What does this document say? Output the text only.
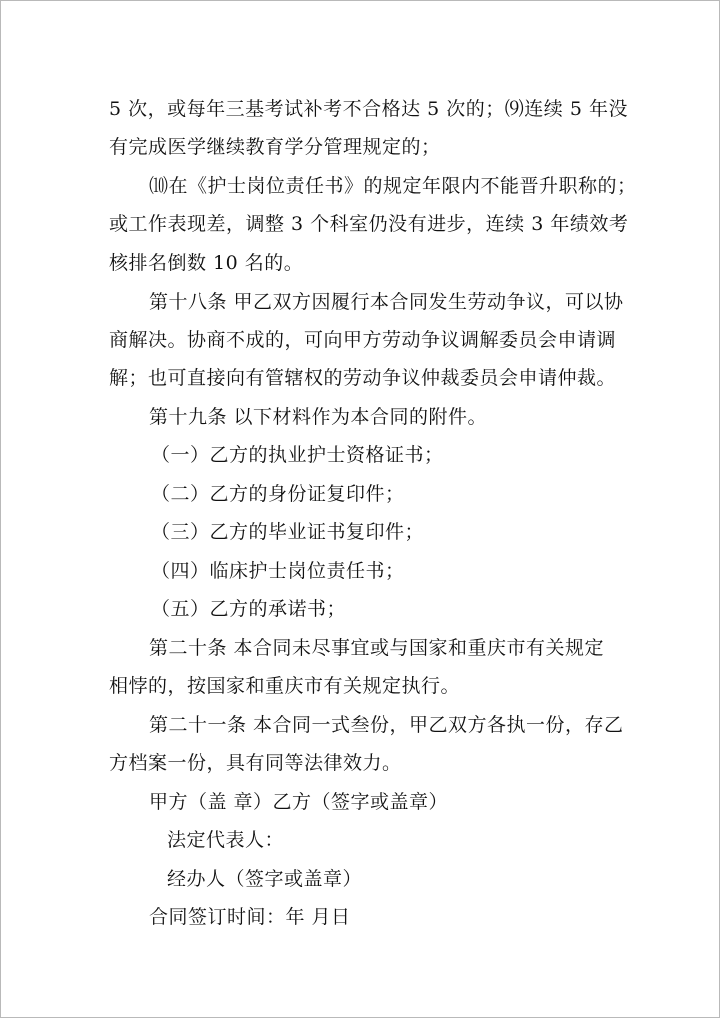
5 次，或每年三基考试补考不合格达 5 次的；⑼连续 5 年没
有完成医学继续教育学分管理规定的；
⑽在《护士岗位责任书》的规定年限内不能晋升职称的；
或工作表现差，调整 3 个科室仍没有进步，连续 3 年绩效考
核排名倒数 10 名的。
第十八条 甲乙双方因履行本合同发生劳动争议，可以协
商解决。协商不成的，可向甲方劳动争议调解委员会申请调
解；也可直接向有管辖权的劳动争议仲裁委员会申请仲裁。
第十九条 以下材料作为本合同的附件。
（一）乙方的执业护士资格证书；
（二）乙方的身份证复印件；
（三）乙方的毕业证书复印件；
（四）临床护士岗位责任书；
（五）乙方的承诺书；
第二十条 本合同未尽事宜或与国家和重庆市有关规定
相悖的，按国家和重庆市有关规定执行。
第二十一条 本合同一式叁份，甲乙双方各执一份，存乙
方档案一份，具有同等法律效力。
甲方（盖 章）乙方（签字或盖章）
法定代表人：
经办人（签字或盖章）
合同签订时间：年 月日
